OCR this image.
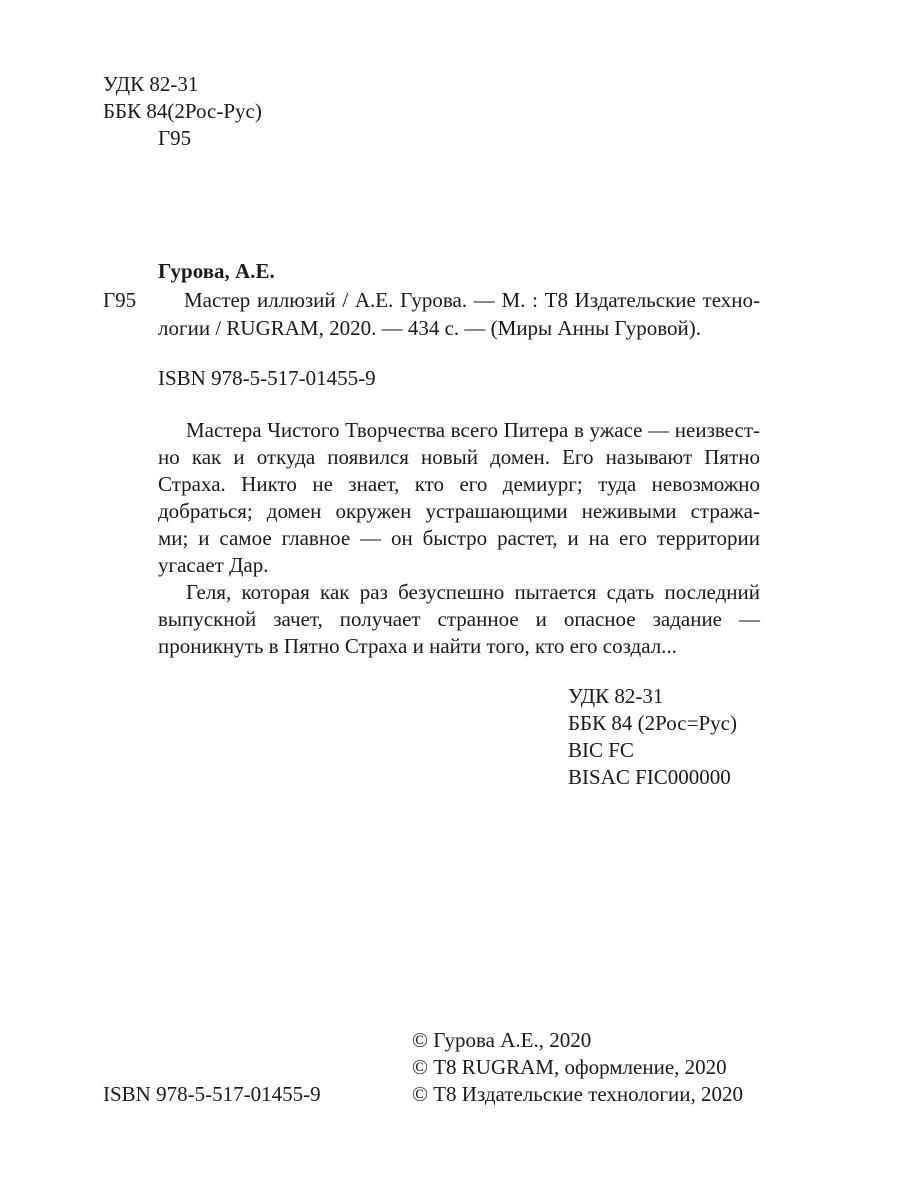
УДК 82-31
ББК 84(2Рос-Рус)
Г95
Гурова, А.Е.
Г95 Мастер иллюзий / А.Е. Гурова. — М. : Т8 Издательские техно-
логии / RUGRAM, 2020. — 434 с. — (Миры Анны Гуровой).
ISBN 978-5-517-01455-9
Мастера Чистого Творчества всего Питера в ужасе — неизвест-
но как и откуда появился новый домен. Его называют Пятно
Страха. Никто не знает, кто его демиург; туда невозможно
добраться; домен окружен устрашающими неживыми стража-
ми; и самое главное — он быстро растет, и на его территории
угасает Дар.
Геля, которая как раз безуспешно пытается сдать последний
выпускной зачет, получает странное и опасное задание —
проникнуть в Пятно Страха и найти того, кто его создал...
УДК 82-31
ББК 84 (2Рос=Рус)
BIC FC
BISAC FIC000000
© Гурова А.Е., 2020
© Т8 RUGRAM, оформление, 2020
ISBN 978-5-517-01455-9	© Т8 Издательские технологии, 2020
